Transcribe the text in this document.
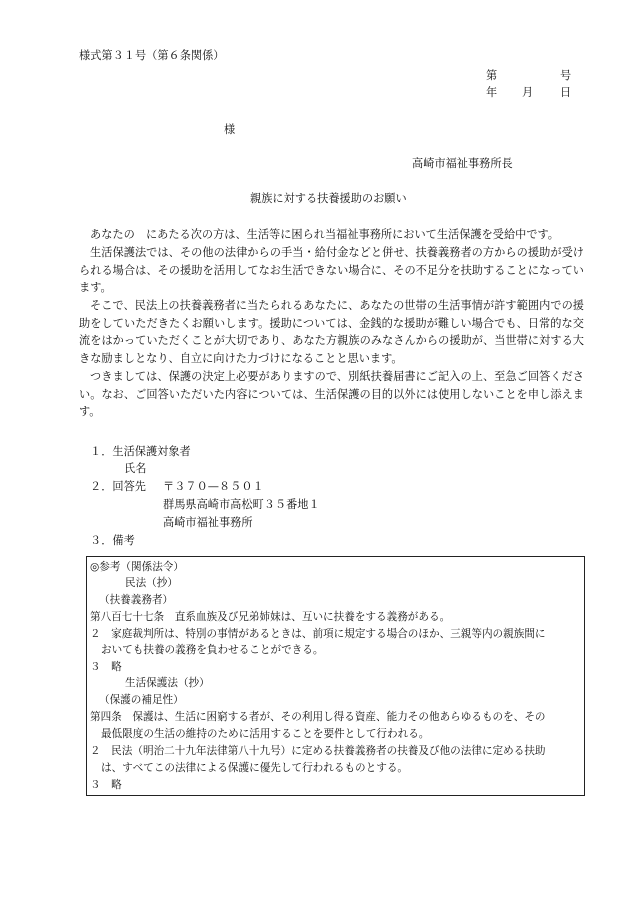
様式第３１号（第６条関係）
第	号
年 月 日
様
高崎市福祉事務所長
親族に対する扶養援助のお願い
あなたの　にあたる次の方は、生活等に困られ当福祉事務所において生活保護を受給中です。
生活保護法では、その他の法律からの手当・給付金などと併せ、扶養義務者の方からの援助が受けられる場合は、その援助を活用してなお生活できない場合に、その不足分を扶助することになっています。
そこで、民法上の扶養義務者に当たられるあなたに、あなたの世帯の生活事情が許す範囲内での援助をしていただきたくお願いします。援助については、金銭的な援助が難しい場合でも、日常的な交流をはかっていただくことが大切であり、あなた方親族のみなさんからの援助が、当世帯に対する大きな励ましとなり、自立に向けた力づけになることと思います。
つきましては、保護の決定上必要がありますので、別紙扶養届書にご記入の上、至急ご回答ください。なお、ご回答いただいた内容については、生活保護の目的以外には使用しないことを申し添えます。
１．生活保護対象者
氏名
２．回答先 〒３７０—８５０１
群馬県高崎市高松町３５番地１
高崎市福祉事務所
３．備考
◎参考（関係法令）
民法（抄）
（扶養義務者）
第八百七十七条　直系血族及び兄弟姉妹は、互いに扶養をする義務がある。
２　家庭裁判所は、特別の事情があるときは、前項に規定する場合のほか、三親等内の親族間に
おいても扶養の義務を負わせることができる。
３　略
生活保護法（抄）
（保護の補足性）
第四条　保護は、生活に困窮する者が、その利用し得る資産、能力その他あらゆるものを、その
最低限度の生活の維持のために活用することを要件として行われる。
２　民法（明治二十九年法律第八十九号）に定める扶養義務者の扶養及び他の法律に定める扶助
は、すべてこの法律による保護に優先して行われるものとする。
３　略
